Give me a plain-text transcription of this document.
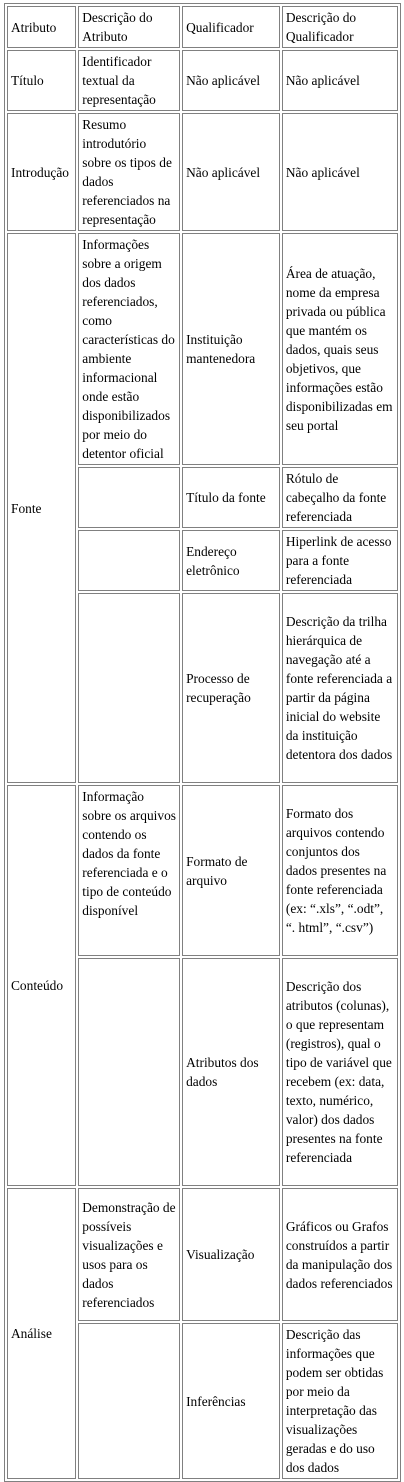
Atributo	Descrição do Atributo	Qualificador	Descrição do Qualificador
Título	Identificador textual da representação	Não aplicável	Não aplicável
Introdução	Resumo introdutório sobre os tipos de dados referenciados na representação	Não aplicável	Não aplicável
Fonte	Informações sobre a origem dos dados referenciados, como características do ambiente informacional onde estão disponibilizados por meio do detentor oficial	Instituição mantenedora	Área de atuação, nome da empresa privada ou pública que mantém os dados, quais seus objetivos, que informações estão disponibilizadas em seu portal
		Título da fonte	Rótulo de cabeçalho da fonte referenciada
		Endereço eletrônico	Hiperlink de acesso para a fonte referenciada
		Processo de recuperação	Descrição da trilha hierárquica de navegação até a fonte referenciada a partir da página inicial do website da instituição detentora dos dados
Conteúdo	Informação sobre os arquivos contendo os dados da fonte referenciada e o tipo de conteúdo disponível	Formato de arquivo	Formato dos arquivos contendo conjuntos dos dados presentes na fonte referenciada (ex: “.xls”, “.odt”, “. html”, “.csv”)
		Atributos dos dados	Descrição dos atributos (colunas), o que representam (registros), qual o tipo de variável que recebem (ex: data, texto, numérico, valor) dos dados presentes na fonte referenciada
Análise	Demonstração de possíveis visualizações e usos para os dados referenciados	Visualização	Gráficos ou Grafos construídos a partir da manipulação dos dados referenciados
		Inferências	Descrição das informações que podem ser obtidas por meio da interpretação das visualizações geradas e do uso dos dados
